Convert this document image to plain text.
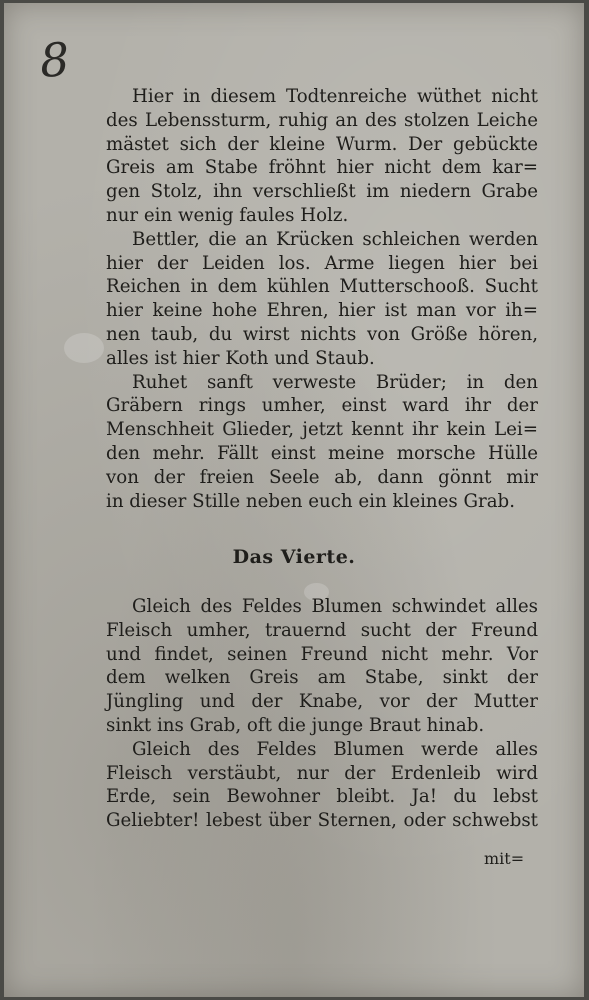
8
Hier in diesem Todtenreiche wüthet nicht
des Lebenssturm, ruhig an des stolzen Leiche
mästet sich der kleine Wurm. Der gebückte
Greis am Stabe fröhnt hier nicht dem kar=
gen Stolz, ihn verschließt im niedern Grabe
nur ein wenig faules Holz.
Bettler, die an Krücken schleichen werden
hier der Leiden los. Arme liegen hier bei
Reichen in dem kühlen Mutterschooß. Sucht
hier keine hohe Ehren, hier ist man vor ih=
nen taub, du wirst nichts von Größe hören,
alles ist hier Koth und Staub.
Ruhet sanft verweste Brüder; in den
Gräbern rings umher, einst ward ihr der
Menschheit Glieder, jetzt kennt ihr kein Lei=
den mehr. Fällt einst meine morsche Hülle
von der freien Seele ab, dann gönnt mir
in dieser Stille neben euch ein kleines Grab.
Das Vierte.
Gleich des Feldes Blumen schwindet alles
Fleisch umher, trauernd sucht der Freund
und findet, seinen Freund nicht mehr. Vor
dem welken Greis am Stabe, sinkt der
Jüngling und der Knabe, vor der Mutter
sinkt ins Grab, oft die junge Braut hinab.
Gleich des Feldes Blumen werde alles
Fleisch verstäubt, nur der Erdenleib wird
Erde, sein Bewohner bleibt. Ja! du lebst
Geliebter! lebest über Sternen, oder schwebst
mit=
